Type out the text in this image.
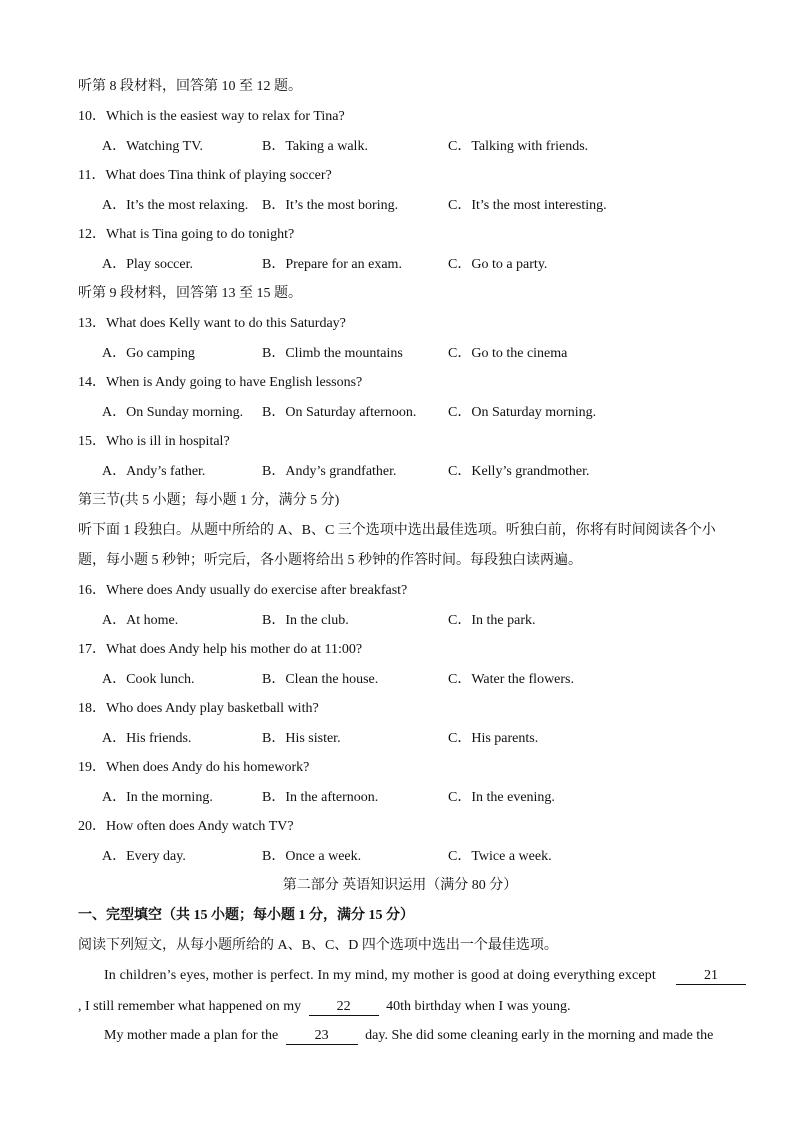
听第 8 段材料，回答第 10 至 12 题。
10．Which is the easiest way to relax for Tina?
A．Watching TV.	B．Taking a walk.	C．Talking with friends.
11．What does Tina think of playing soccer?
A．It’s the most relaxing. B．It’s the most boring.	C．It’s the most interesting.
12．What is Tina going to do tonight?
A．Play soccer.	B．Prepare for an exam.	C．Go to a party.
听第 9 段材料，回答第 13 至 15 题。
13．What does Kelly want to do this Saturday?
A．Go camping	B．Climb the mountains	C．Go to the cinema
14．When is Andy going to have English lessons?
A．On Sunday morning. B．On Saturday afternoon. C．On Saturday morning.
15．Who is ill in hospital?
A．Andy’s father.	B．Andy’s grandfather.	C．Kelly’s grandmother.
第三节(共 5 小题；每小题 1 分，满分 5 分)
听下面 1 段独白。从题中所给的 A、B、C 三个选项中选出最佳选项。听独白前，你将有时间阅读各个小
题，每小题 5 秒钟；听完后，各小题将给出 5 秒钟的作答时间。每段独白读两遍。
16．Where does Andy usually do exercise after breakfast?
A．At home.	B．In the club.	C．In the park.
17．What does Andy help his mother do at 11:00?
A．Cook lunch.	B．Clean the house.	C．Water the flowers.
18．Who does Andy play basketball with?
A．His friends.	B．His sister.	C．His parents.
19．When does Andy do his homework?
A．In the morning.	B．In the afternoon.	C．In the evening.
20．How often does Andy watch TV?
A．Every day.	B．Once a week.	C．Twice a week.
第二部分 英语知识运用（满分 80 分）
一、完型填空（共 15 小题；每小题 1 分，满分 15 分）
阅读下列短文，从每小题所给的 A、B、C、D 四个选项中选出一个最佳选项。
In children’s eyes, mother is perfect. In my mind, my mother is good at doing everything except	21
, I still remember what happened on my	22	40th birthday when I was young.
My mother made a plan for the	23	day. She did some cleaning early in the morning and made the
